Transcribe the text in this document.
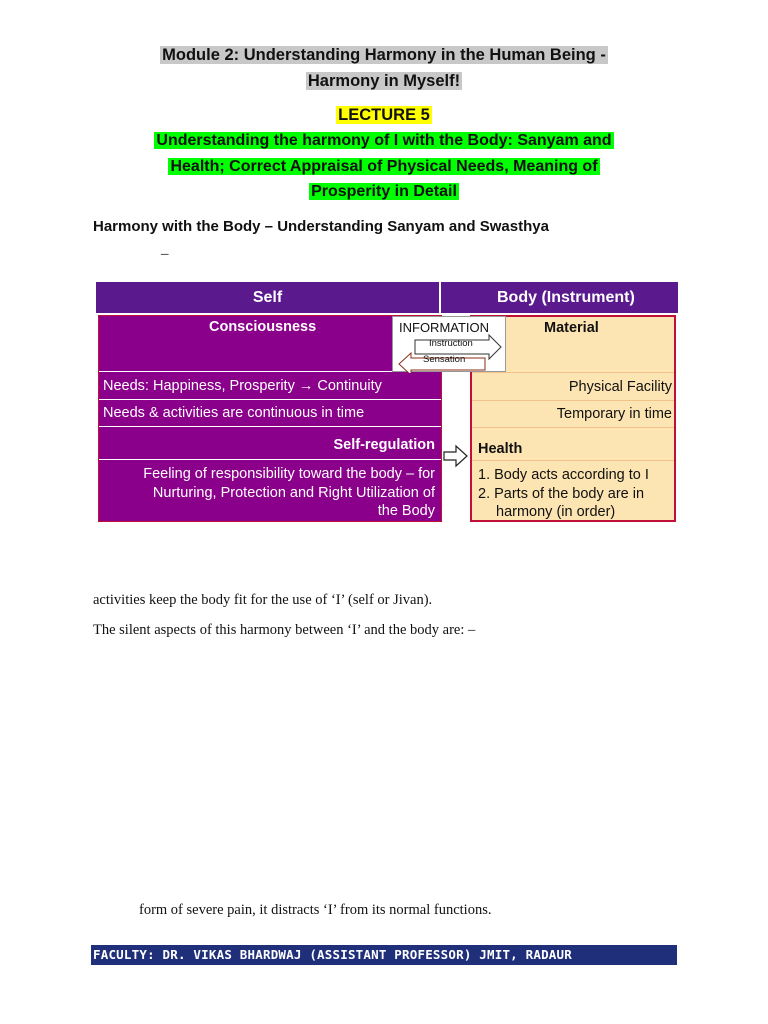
Module 2: Understanding Harmony in the Human Being -
Harmony in Myself!
LECTURE 5
Understanding the harmony of I with the Body: Sanyam and
Health; Correct Appraisal of Physical Needs, Meaning of
Prosperity in Detail
Harmony with the Body – Understanding Sanyam and Swasthya
–
Self	Body (Instrument)
Consciousness
Needs: Happiness, Prosperity → Continuity
Needs & activities are continuous in time
Self-regulation
Feeling of responsibility toward the body – for
Nurturing, Protection and Right Utilization of
the Body
Material
Physical Facility
Temporary in time
Health
1. Body acts according to I
2. Parts of the body are in
harmony (in order)
INFORMATION
Instruction
Sensation
activities keep the body fit for the use of ‘I’ (self or Jivan).
The silent aspects of this harmony between ‘I’ and the body are: –
form of severe pain, it distracts ‘I’ from its normal functions.
FACULTY: DR. VIKAS BHARDWAJ (ASSISTANT PROFESSOR) JMIT, RADAUR
